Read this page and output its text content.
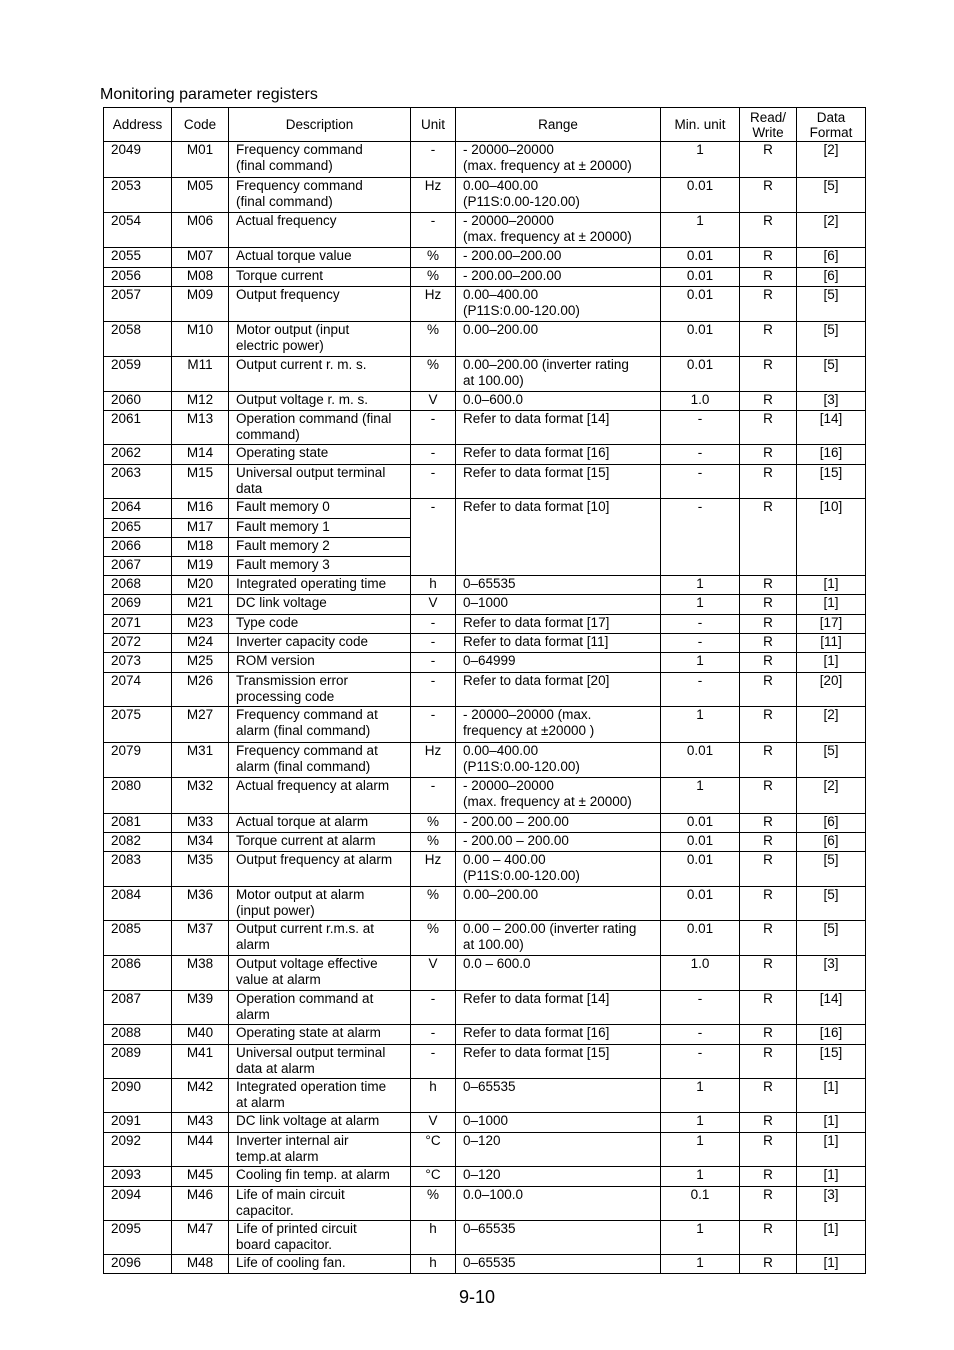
Monitoring parameter registers
Address	Code	Description	Unit	Range	Min. unit	Read/
Write	Data
Format
2049	M01	Frequency command
(final command)	-	- 20000–20000
(max. frequency at ± 20000)	1	R	[2]
2053	M05	Frequency command
(final command)	Hz	0.00–400.00
(P11S:0.00-120.00)	0.01	R	[5]
2054	M06	Actual frequency	-	- 20000–20000
(max. frequency at ± 20000)	1	R	[2]
2055	M07	Actual torque value	%	- 200.00–200.00	0.01	R	[6]
2056	M08	Torque current	%	- 200.00–200.00	0.01	R	[6]
2057	M09	Output frequency	Hz	0.00–400.00
(P11S:0.00-120.00)	0.01	R	[5]
2058	M10	Motor output (input
electric power)	%	0.00–200.00	0.01	R	[5]
2059	M11	Output current r. m. s.	%	0.00–200.00 (inverter rating
at 100.00)	0.01	R	[5]
2060	M12	Output voltage r. m. s.	V	0.0–600.0	1.0	R	[3]
2061	M13	Operation command (final
command)	-	Refer to data format [14]	-	R	[14]
2062	M14	Operating state	-	Refer to data format [16]	-	R	[16]
2063	M15	Universal output terminal
data	-	Refer to data format [15]	-	R	[15]
2064	M16	Fault memory 0	-	Refer to data format [10]	-	R	[10]
2065	M17	Fault memory 1					
2066	M18	Fault memory 2					
2067	M19	Fault memory 3					
2068	M20	Integrated operating time	h	0–65535	1	R	[1]
2069	M21	DC link voltage	V	0–1000	1	R	[1]
2071	M23	Type code	-	Refer to data format [17]	-	R	[17]
2072	M24	Inverter capacity code	-	Refer to data format [11]	-	R	[11]
2073	M25	ROM version	-	0–64999	1	R	[1]
2074	M26	Transmission error
processing code	-	Refer to data format [20]	-	R	[20]
2075	M27	Frequency command at
alarm (final command)	-	- 20000–20000 (max.
frequency at ±20000 )	1	R	[2]
2079	M31	Frequency command at
alarm (final command)	Hz	0.00–400.00
(P11S:0.00-120.00)	0.01	R	[5]
2080	M32	Actual frequency at alarm	-	- 20000–20000
(max. frequency at ± 20000)	1	R	[2]
2081	M33	Actual torque at alarm	%	- 200.00 – 200.00	0.01	R	[6]
2082	M34	Torque current at alarm	%	- 200.00 – 200.00	0.01	R	[6]
2083	M35	Output frequency at alarm	Hz	0.00 – 400.00
(P11S:0.00-120.00)	0.01	R	[5]
2084	M36	Motor output at alarm
(input power)	%	0.00–200.00	0.01	R	[5]
2085	M37	Output current r.m.s. at
alarm	%	0.00 – 200.00 (inverter rating
at 100.00)	0.01	R	[5]
2086	M38	Output voltage effective
value at alarm	V	0.0 – 600.0	1.0	R	[3]
2087	M39	Operation command at
alarm	-	Refer to data format [14]	-	R	[14]
2088	M40	Operating state at alarm	-	Refer to data format [16]	-	R	[16]
2089	M41	Universal output terminal
data at alarm	-	Refer to data format [15]	-	R	[15]
2090	M42	Integrated operation time
at alarm	h	0–65535	1	R	[1]
2091	M43	DC link voltage at alarm	V	0–1000	1	R	[1]
2092	M44	Inverter internal air
temp.at alarm	°C	0–120	1	R	[1]
2093	M45	Cooling fin temp. at alarm	°C	0–120	1	R	[1]
2094	M46	Life of main circuit
capacitor.	%	0.0–100.0	0.1	R	[3]
2095	M47	Life of printed circuit
board capacitor.	h	0–65535	1	R	[1]
2096	M48	Life of cooling fan.	h	0–65535	1	R	[1]

9-10
